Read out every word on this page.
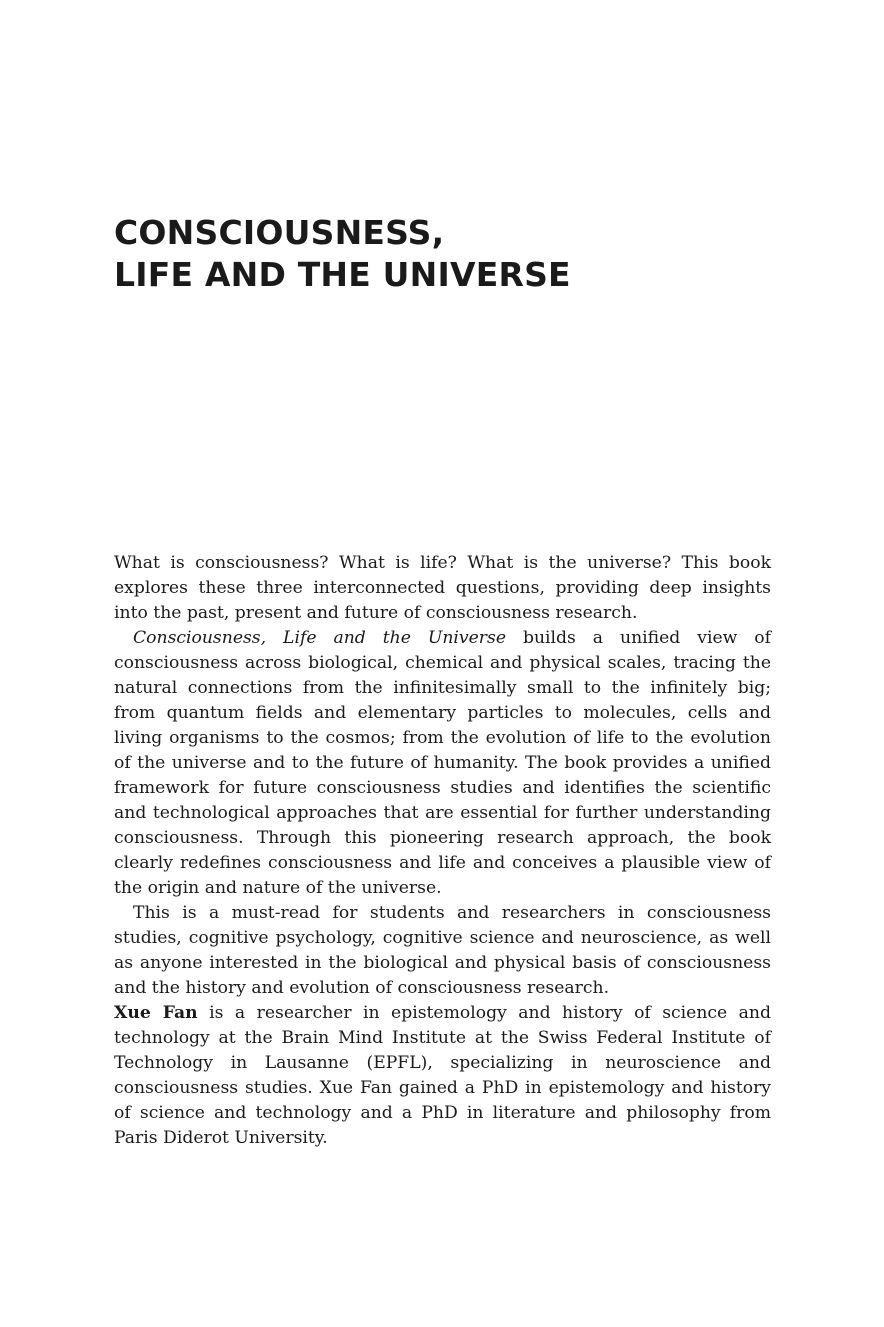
CONSCIOUSNESS,
LIFE AND THE UNIVERSE

What is consciousness? What is life? What is the universe? This book explores these three interconnected questions, providing deep insights into the past, present and future of consciousness research.

Consciousness, Life and the Universe builds a unified view of consciousness across biological, chemical and physical scales, tracing the natural connections from the infinitesimally small to the infinitely big; from quantum fields and elementary particles to molecules, cells and living organisms to the cosmos; from the evolution of life to the evolution of the universe and to the future of humanity. The book provides a unified framework for future consciousness studies and identifies the scientific and technological approaches that are essential for further understanding consciousness. Through this pioneering research approach, the book clearly redefines consciousness and life and conceives a plausible view of the origin and nature of the universe.

This is a must-read for students and researchers in consciousness studies, cognitive psychology, cognitive science and neuroscience, as well as anyone interested in the biological and physical basis of consciousness and the history and evolution of consciousness research.

Xue Fan is a researcher in epistemology and history of science and technology at the Brain Mind Institute at the Swiss Federal Institute of Technology in Lausanne (EPFL), specializing in neuroscience and consciousness studies. Xue Fan gained a PhD in epistemology and history of science and technology and a PhD in literature and philosophy from Paris Diderot University.
